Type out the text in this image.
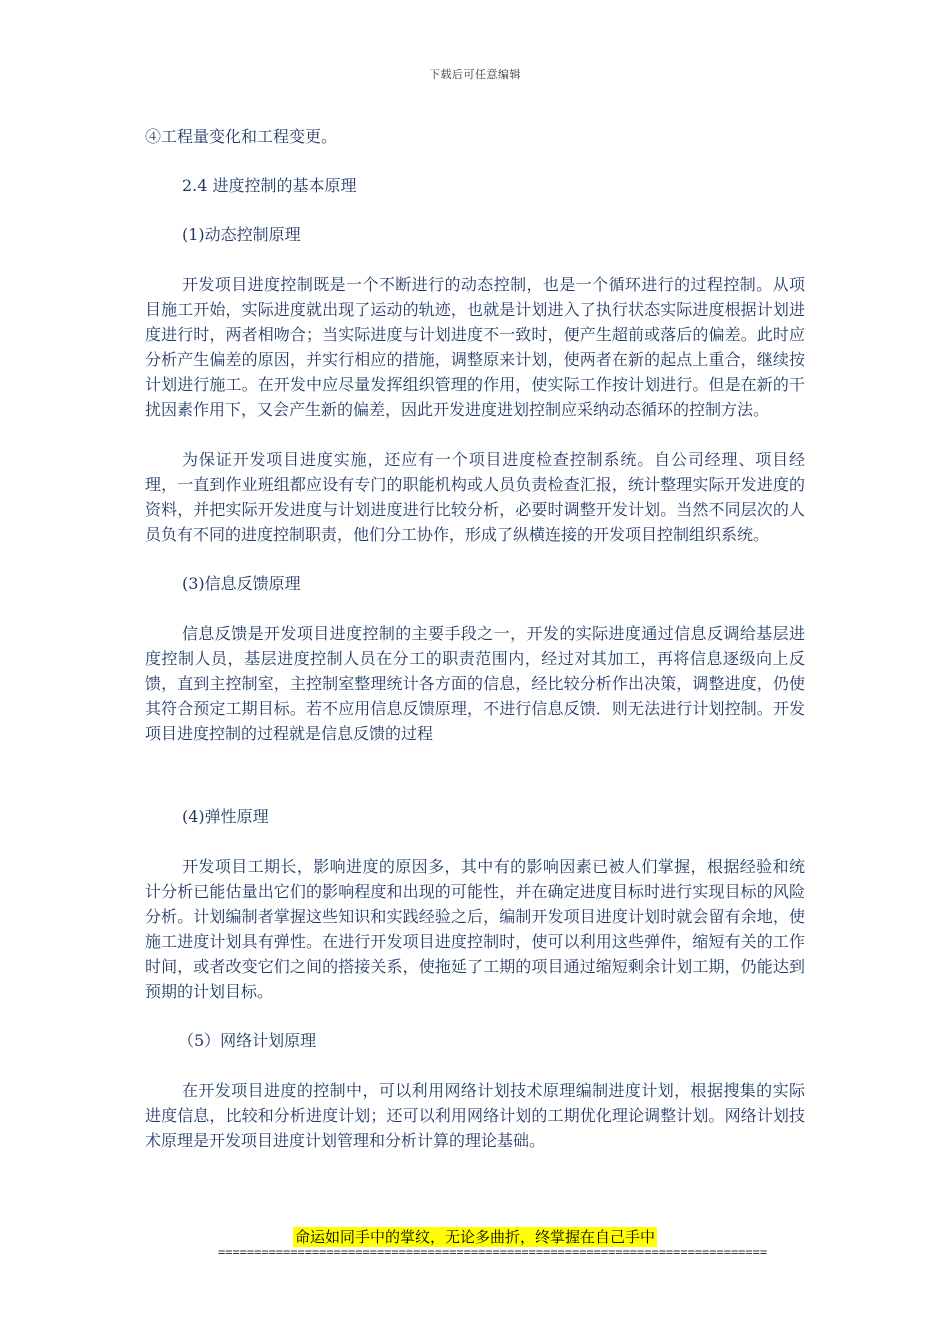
下载后可任意编辑

④工程量变化和工程变更。

2.4 进度控制的基本原理

(1)动态控制原理

开发项目进度控制既是一个不断进行的动态控制，也是一个循环进行的过程控制。从项目施工开始，实际进度就出现了运动的轨迹，也就是计划进入了执行状态实际进度根据计划进度进行时，两者相吻合；当实际进度与计划进度不一致时，便产生超前或落后的偏差。此时应分析产生偏差的原因，并实行相应的措施，调整原来计划，使两者在新的起点上重合，继续按计划进行施工。在开发中应尽量发挥组织管理的作用，使实际工作按计划进行。但是在新的干扰因素作用下，又会产生新的偏差，因此开发进度进划控制应采纳动态循环的控制方法。

为保证开发项目进度实施，还应有一个项目进度检查控制系统。自公司经理、项目经理，一直到作业班组都应设有专门的职能机构或人员负责检查汇报，统计整理实际开发进度的资料，并把实际开发进度与计划进度进行比较分析，必要时调整开发计划。当然不同层次的人员负有不同的进度控制职责，他们分工协作，形成了纵横连接的开发项目控制组织系统。

(3)信息反馈原理

信息反馈是开发项目进度控制的主要手段之一，开发的实际进度通过信息反调给基层进度控制人员，基层进度控制人员在分工的职责范围内，经过对其加工，再将信息逐级向上反馈，直到主控制室，主控制室整理统计各方面的信息，经比较分析作出决策，调整进度，仍使其符合预定工期目标。若不应用信息反馈原理，不进行信息反馈．则无法进行计划控制。开发项目进度控制的过程就是信息反馈的过程

(4)弹性原理

开发项目工期长，影响进度的原因多，其中有的影响因素已被人们掌握，根据经验和统计分析已能估量出它们的影响程度和出现的可能性，并在确定进度目标时进行实现目标的风险分析。计划编制者掌握这些知识和实践经验之后，编制开发项目进度计划时就会留有余地，使施工进度计划具有弹性。在进行开发项目进度控制时，使可以利用这些弹件，缩短有关的工作时间，或者改变它们之间的搭接关系，使拖延了工期的项目通过缩短剩余计划工期，仍能达到预期的计划目标。

（5）网络计划原理

在开发项目进度的控制中，可以利用网络计划技术原理编制进度计划，根据搜集的实际进度信息，比较和分析进度计划；还可以利用网络计划的工期优化理论调整计划。网络计划技术原理是开发项目进度计划管理和分析计算的理论基础。

命运如同手中的掌纹，无论多曲折，终掌握在自己手中
============================================================================
